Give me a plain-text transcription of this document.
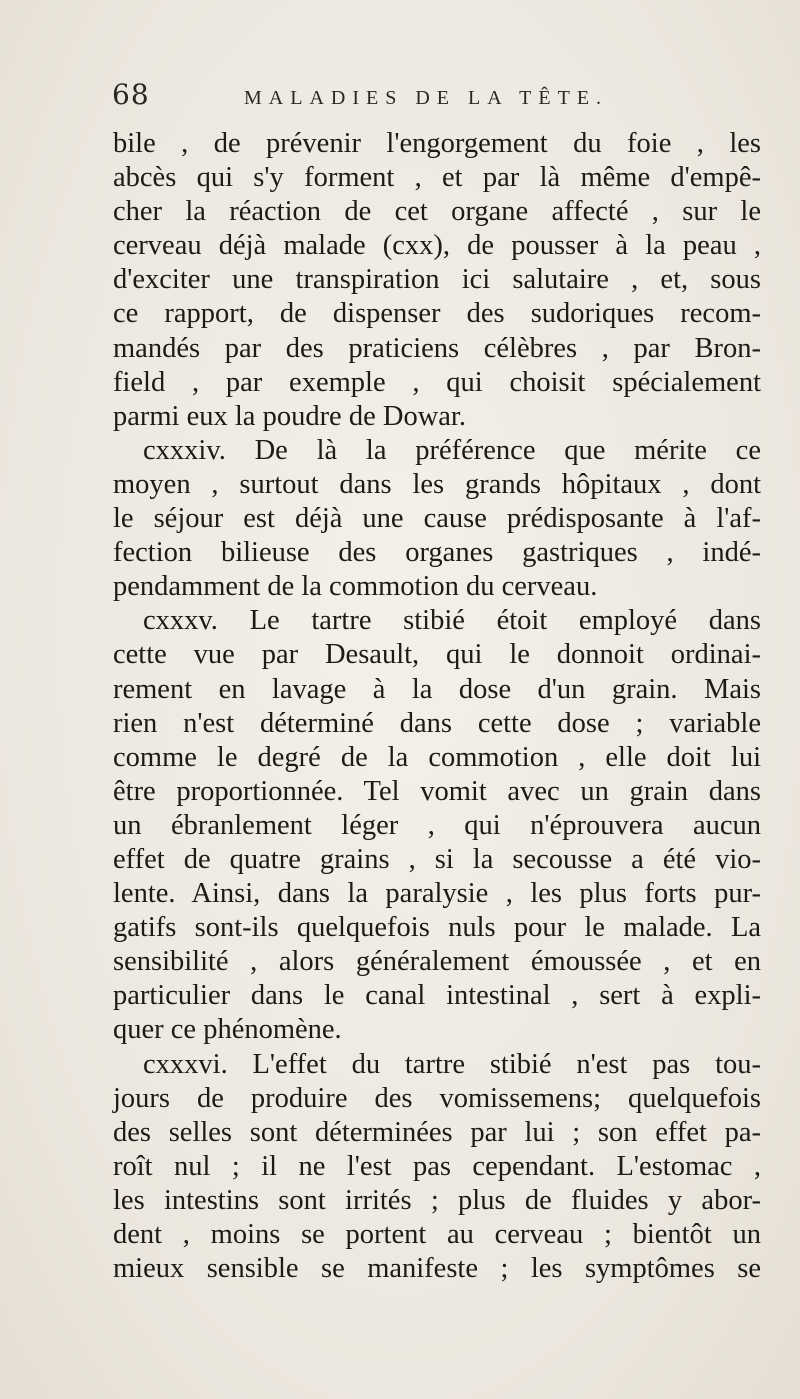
68	MALADIES DE LA TÊTE.
bile , de prévenir l'engorgement du foie , les
abcès qui s'y forment , et par là même d'empê-
cher la réaction de cet organe affecté , sur le
cerveau déjà malade (cxx), de pousser à la peau ,
d'exciter une transpiration ici salutaire , et, sous
ce rapport, de dispenser des sudoriques recom-
mandés par des praticiens célèbres , par Bron-
field , par exemple , qui choisit spécialement
parmi eux la poudre de Dowar.
cxxxiv. De là la préférence que mérite ce
moyen , surtout dans les grands hôpitaux , dont
le séjour est déjà une cause prédisposante à l'af-
fection bilieuse des organes gastriques , indé-
pendamment de la commotion du cerveau.
cxxxv. Le tartre stibié étoit employé dans
cette vue par Desault, qui le donnoit ordinai-
rement en lavage à la dose d'un grain. Mais
rien n'est déterminé dans cette dose ; variable
comme le degré de la commotion , elle doit lui
être proportionnée. Tel vomit avec un grain dans
un ébranlement léger , qui n'éprouvera aucun
effet de quatre grains , si la secousse a été vio-
lente. Ainsi, dans la paralysie , les plus forts pur-
gatifs sont-ils quelquefois nuls pour le malade. La
sensibilité , alors généralement émoussée , et en
particulier dans le canal intestinal , sert à expli-
quer ce phénomène.
cxxxvi. L'effet du tartre stibié n'est pas tou-
jours de produire des vomissemens; quelquefois
des selles sont déterminées par lui ; son effet pa-
roît nul ; il ne l'est pas cependant. L'estomac ,
les intestins sont irrités ; plus de fluides y abor-
dent , moins se portent au cerveau ; bientôt un
mieux sensible se manifeste ; les symptômes se
